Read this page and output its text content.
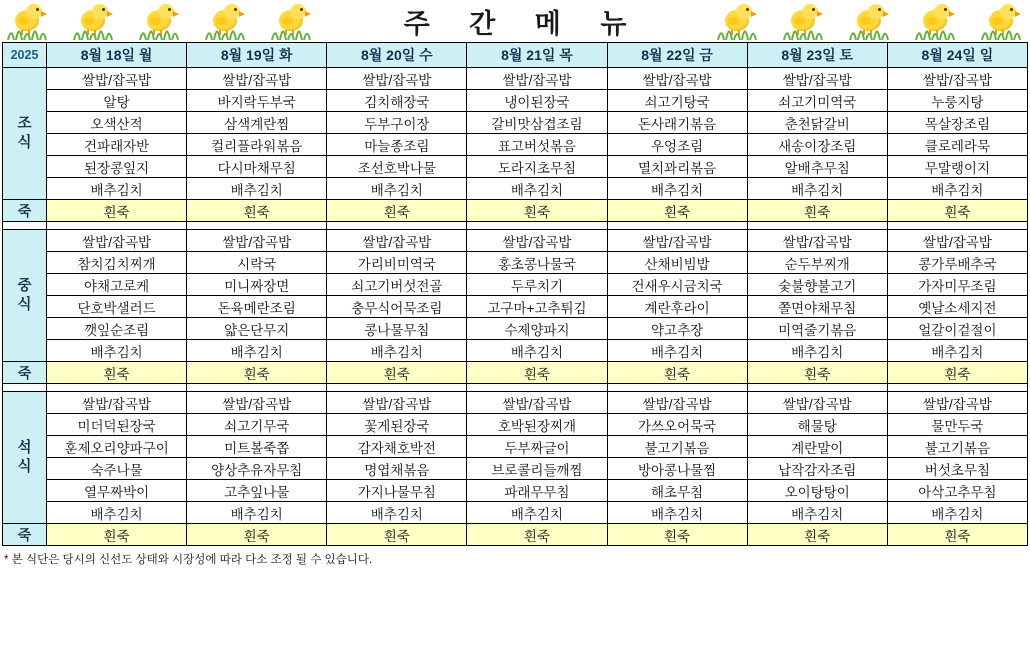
주 간 메 뉴
2025	8월 18일 월	8월 19일 화	8월 20일 수	8월 21일 목	8월 22일 금	8월 23일 토	8월 24일 일

조
식	쌀밥/잡곡밥	쌀밥/잡곡밥	쌀밥/잡곡밥	쌀밥/잡곡밥	쌀밥/잡곡밥	쌀밥/잡곡밥	쌀밥/잡곡밥
	알탕	바지락두부국	김치해장국	냉이된장국	쇠고기탕국	쇠고기미역국	누룽지탕
	오색산적	삼색계란찜	두부구이장	갈비맛삼겹조림	돈사래기볶음	춘천닭갈비	목살장조림
	건파래자반	컬리플라워볶음	마늘종조림	표고버섯볶음	우엉조림	새송이장조림	클로레라묵
	된장콩잎지	다시마채무침	조선호박나물	도라지초무침	멸치꽈리볶음	알배추무침	무말랭이지
	배추김치	배추김치	배추김치	배추김치	배추김치	배추김치	배추김치
죽	흰죽	흰죽	흰죽	흰죽	흰죽	흰죽	흰죽

중
식	쌀밥/잡곡밥	쌀밥/잡곡밥	쌀밥/잡곡밥	쌀밥/잡곡밥	쌀밥/잡곡밥	쌀밥/잡곡밥	쌀밥/잡곡밥
	참치김치찌개	시락국	가리비미역국	홍초콩나물국	산채비빔밥	순두부찌개	콩가루배추국
	야채고로케	미니짜장면	쇠고기버섯전골	두루치기	건새우시금치국	숯불향불고기	가자미무조림
	단호박샐러드	돈육메란조림	충무식어묵조림	고구마+고추튀김	계란후라이	쫄면야채무침	옛날소세지전
	깻잎순조림	얇은단무지	콩나물무침	수제양파지	약고추장	미역줄기볶음	얼갈이겉절이
	배추김치	배추김치	배추김치	배추김치	배추김치	배추김치	배추김치
죽	흰죽	흰죽	흰죽	흰죽	흰죽	흰죽	흰죽

석
식	쌀밥/잡곡밥	쌀밥/잡곡밥	쌀밥/잡곡밥	쌀밥/잡곡밥	쌀밥/잡곡밥	쌀밥/잡곡밥	쌀밥/잡곡밥
	미더덕된장국	쇠고기무국	꽃게된장국	호박된장찌개	가쓰오어묵국	해물탕	물만두국
	훈제오리양파구이	미트볼죽쫍	감자채호박전	두부짜글이	불고기볶음	계란말이	불고기볶음
	숙주나물	양상추유자무침	명엽채볶음	브로콜리들깨찜	방아콩나물찜	납작감자조림	버섯초무침
	열무짜박이	고추잎나물	가지나물무침	파래무무침	해초무침	오이탕탕이	아삭고추무침
	배추김치	배추김치	배추김치	배추김치	배추김치	배추김치	배추김치
죽	흰죽	흰죽	흰죽	흰죽	흰죽	흰죽	흰죽
* 본 식단은 당시의 신선도 상태와 시장성에 따라 다소 조정 될 수 있습니다.
